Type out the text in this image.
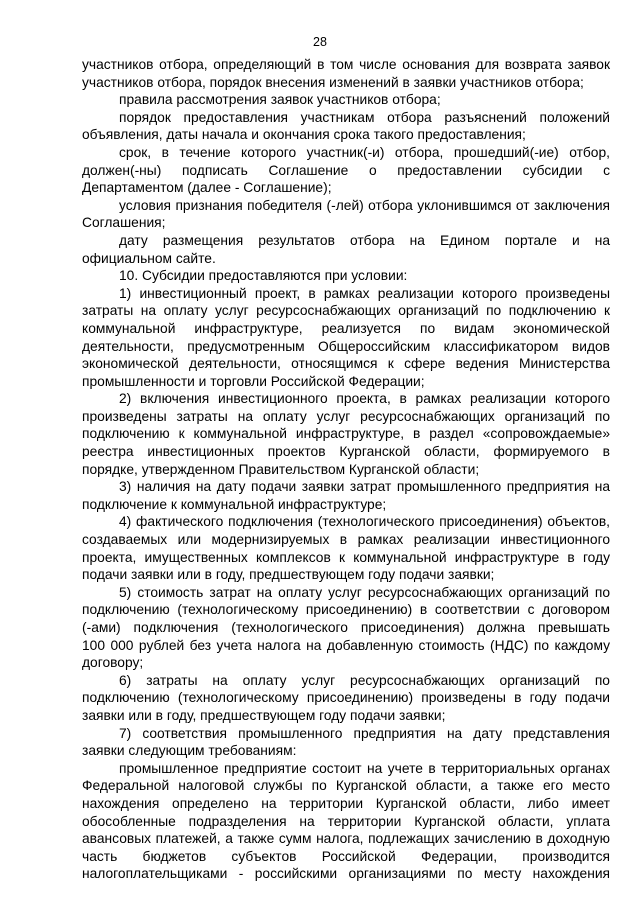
28
участников отбора, определяющий в том числе основания для возврата заявок
участников отбора, порядок внесения изменений в заявки участников отбора;
правила рассмотрения заявок участников отбора;
порядок предоставления участникам отбора разъяснений положений
объявления, даты начала и окончания срока такого предоставления;
срок, в течение которого участник(-и) отбора, прошедший(-ие) отбор,
должен(-ны) подписать Соглашение о предоставлении субсидии с
Департаментом (далее - Соглашение);
условия признания победителя (-лей) отбора уклонившимся от заключения
Соглашения;
дату размещения результатов отбора на Едином портале и на
официальном сайте.
10. Субсидии предоставляются при условии:
1) инвестиционный проект, в рамках реализации которого произведены
затраты на оплату услуг ресурсоснабжающих организаций по подключению к
коммунальной инфраструктуре, реализуется по видам экономической
деятельности, предусмотренным Общероссийским классификатором видов
экономической деятельности, относящимся к сфере ведения Министерства
промышленности и торговли Российской Федерации;
2) включения инвестиционного проекта, в рамках реализации которого
произведены затраты на оплату услуг ресурсоснабжающих организаций по
подключению к коммунальной инфраструктуре, в раздел «сопровождаемые»
реестра инвестиционных проектов Курганской области, формируемого в
порядке, утвержденном Правительством Курганской области;
3) наличия на дату подачи заявки затрат промышленного предприятия на
подключение к коммунальной инфраструктуре;
4) фактического подключения (технологического присоединения) объектов,
создаваемых или модернизируемых в рамках реализации инвестиционного
проекта, имущественных комплексов к коммунальной инфраструктуре в году
подачи заявки или в году, предшествующем году подачи заявки;
5) стоимость затрат на оплату услуг ресурсоснабжающих организаций по
подключению (технологическому присоединению) в соответствии с договором
(-ами) подключения (технологического присоединения) должна превышать
100 000 рублей без учета налога на добавленную стоимость (НДС) по каждому
договору;
6) затраты на оплату услуг ресурсоснабжающих организаций по
подключению (технологическому присоединению) произведены в году подачи
заявки или в году, предшествующем году подачи заявки;
7) соответствия промышленного предприятия на дату представления
заявки следующим требованиям:
промышленное предприятие состоит на учете в территориальных органах
Федеральной налоговой службы по Курганской области, а также его место
нахождения определено на территории Курганской области, либо имеет
обособленные подразделения на территории Курганской области, уплата
авансовых платежей, а также сумм налога, подлежащих зачислению в доходную
часть бюджетов субъектов Российской Федерации, производится
налогоплательщиками - российскими организациями по месту нахождения
